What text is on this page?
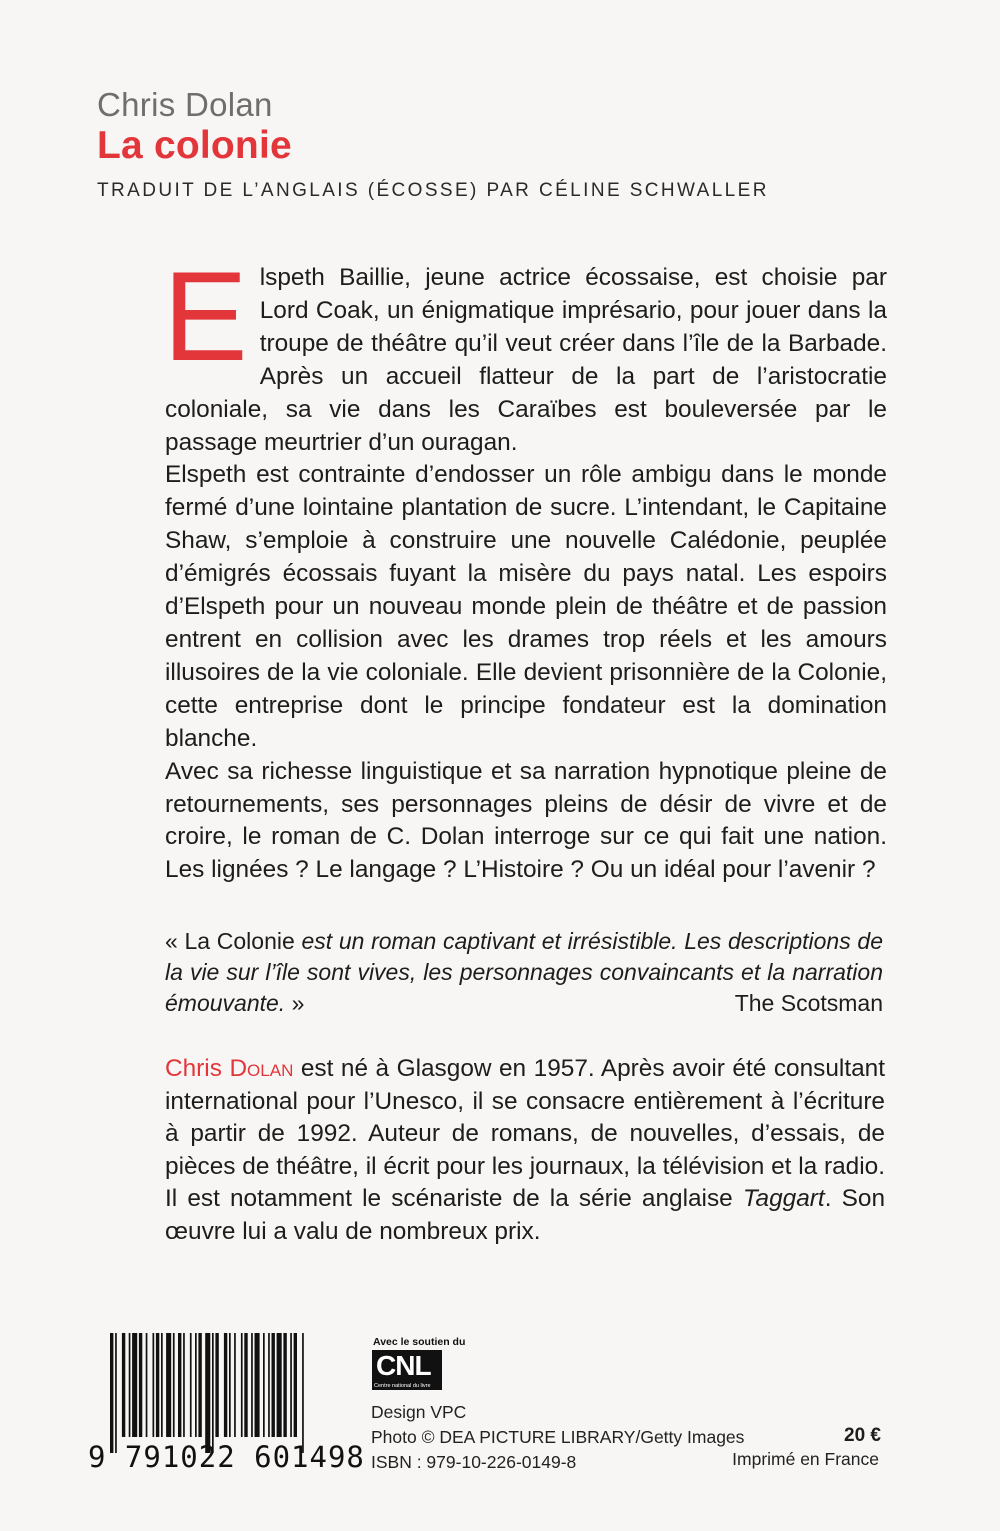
Chris Dolan
La colonie

TRADUIT DE L’ANGLAIS (ÉCOSSE) PAR CÉLINE SCHWALLER

Elspeth Baillie, jeune actrice écossaise, est choisie par Lord Coak, un énigmatique imprésario, pour jouer dans la troupe de théâtre qu’il veut créer dans l’île de la Barbade. Après un accueil flatteur de la part de l’aristocratie coloniale, sa vie dans les Caraïbes est bouleversée par le passage meurtrier d’un ouragan.

Elspeth est contrainte d’endosser un rôle ambigu dans le monde fermé d’une lointaine plantation de sucre. L’intendant, le Capitaine Shaw, s’emploie à construire une nouvelle Calédonie, peuplée d’émigrés écossais fuyant la misère du pays natal. Les espoirs d’Elspeth pour un nouveau monde plein de théâtre et de passion entrent en collision avec les drames trop réels et les amours illusoires de la vie coloniale. Elle devient prisonnière de la Colonie, cette entreprise dont le principe fondateur est la domination blanche.

Avec sa richesse linguistique et sa narration hypnotique pleine de retournements, ses personnages pleins de désir de vivre et de croire, le roman de C. Dolan interroge sur ce qui fait une nation. Les lignées ? Le langage ? L’Histoire ? Ou un idéal pour l’avenir ?

« La Colonie est un roman captivant et irrésistible. Les descriptions de la vie sur l’île sont vives, les personnages convaincants et la narration émouvante. »	The Scotsman

Chris Dolan est né à Glasgow en 1957. Après avoir été consultant international pour l’Unesco, il se consacre entièrement à l’écriture à partir de 1992. Auteur de romans, de nouvelles, d’essais, de pièces de théâtre, il écrit pour les journaux, la télévision et la radio. Il est notamment le scénariste de la série anglaise Taggart. Son œuvre lui a valu de nombreux prix.

9 791022 601498

Avec le soutien du

CNL
Centre national du livre
Design VPC
Photo © DEA PICTURE LIBRARY/Getty Images
ISBN : 979-10-226-0149-8

20 €

Imprimé en France
